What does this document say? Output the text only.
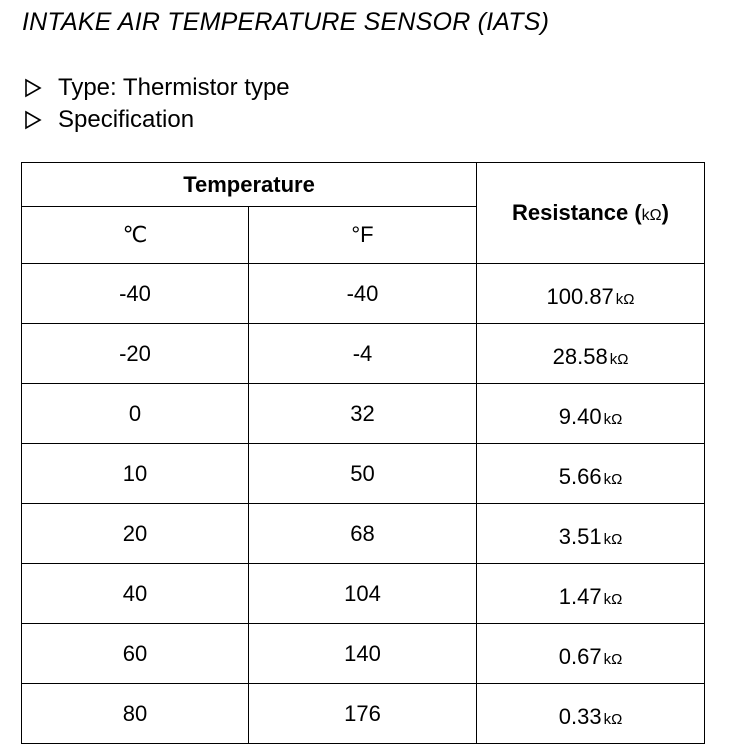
INTAKE AIR TEMPERATURE SENSOR (IATS)
Type: Thermistor type
Specification
Temperature		Resistance (kΩ)
℃	°F	
-40	-40	100.87 kΩ
-20	-4	28.58 kΩ
0	32	9.40 kΩ
10	50	5.66 kΩ
20	68	3.51 kΩ
40	104	1.47 kΩ
60	140	0.67 kΩ
80	176	0.33 kΩ
